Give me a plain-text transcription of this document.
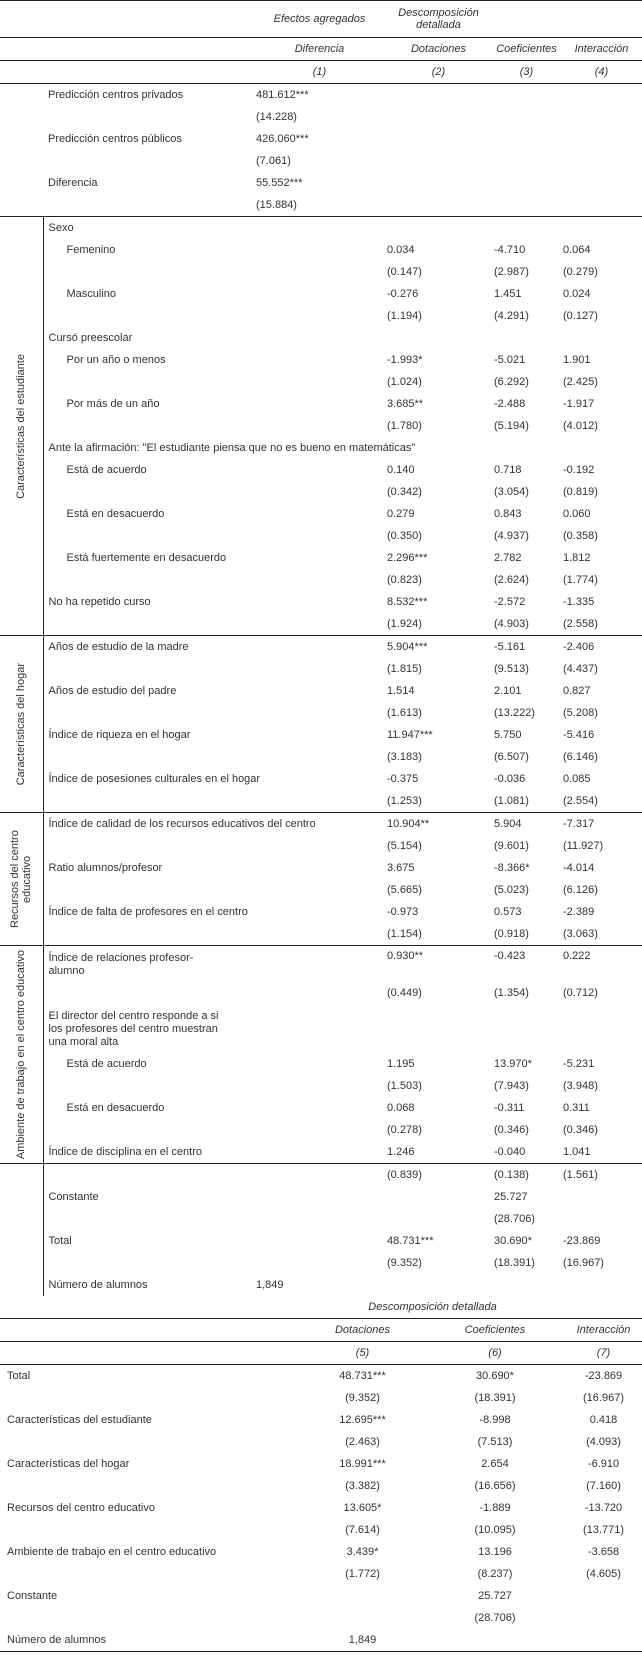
		Efectos agregados	Descomposición detallada		
		Diferencia	Dotaciones	Coeficientes	Interacción
		(1)	(2)	(3)	(4)
	Predicción centros privados	481.612***			
		(14.228)			
	Predicción centros públicos	426.060***			
		(7.061)			
	Diferencia	55.552***			
		(15.884)			

Características del estudiante	Sexo				
	Femenino		0.034	-4.710	0.064
			(0.147)	(2.987)	(0.279)
	Masculino		-0.276	1.451	0.024
			(1.194)	(4.291)	(0.127)
	Cursó preescolar				
	Por un año o menos		-1.993*	-5.021	1.901
			(1.024)	(6.292)	(2.425)
	Por más de un año		3.685**	-2.488	-1.917
			(1.780)	(5.194)	(4.012)
	Ante la afirmación: "El estudiante piensa que no es bueno en matemáticas"				
	Está de acuerdo		0.140	0.718	-0.192
			(0.342)	(3.054)	(0.819)
	Está en desacuerdo		0.279	0.843	0.060
			(0.350)	(4.937)	(0.358)
	Está fuertemente en desacuerdo		2.296***	2.782	1.812
			(0.823)	(2.624)	(1.774)
	No ha repetido curso		8.532***	-2.572	-1.335
			(1.924)	(4.903)	(2.558)

Características del hogar	Años de estudio de la madre		5.904***	-5.161	-2.406
			(1.815)	(9.513)	(4.437)
	Años de estudio del padre		1.514	2.101	0.827
			(1.613)	(13.222)	(5.208)
	Índice de riqueza en el hogar		11.947***	5.750	-5.416
			(3.183)	(6.507)	(6.146)
	Índice de posesiones culturales en el hogar		-0.375	-0.036	0.085
			(1.253)	(1.081)	(2.554)

Recursos del centro educativo	Índice de calidad de los recursos educativos del centro		10.904**	5.904	-7.317
			(5.154)	(9.601)	(11.927)
	Ratio alumnos/profesor		3.675	-8.366*	-4.014
			(5.665)	(5.023)	(6.126)
	Índice de falta de profesores en el centro		-0.973	0.573	-2.389
			(1.154)	(0.918)	(3.063)

Ambiente de trabajo en el centro educativo	Índice de relaciones profesor-alumno		0.930**	-0.423	0.222
			(0.449)	(1.354)	(0.712)

	El director del centro responde a si los profesores del centro muestran una moral alta				

	Está de acuerdo		1.195	13.970*	-5.231
			(1.503)	(7.943)	(3.948)
	Está en desacuerdo		0.068	-0.311	0.311
			(0.278)	(0.346)	(0.346)
	Índice de disciplina en el centro		1.246	-0.040	1.041
			(0.839)	(0.138)	(1.561)
	Constante			25.727	
				(28.706)	
	Total		48.731***	30.690*	-23.869
			(9.352)	(18.391)	(16.967)
	Número de alumnos	1,849			
	Descomposición detallada		
	Dotaciones	Coeficientes	Interacción
	(5)	(6)	(7)
Total	48.731***	30.690*	-23.869
	(9.352)	(18.391)	(16.967)
Características del estudiante	12.695***	-8.998	0.418
	(2.463)	(7.513)	(4.093)
Características del hogar	18.991***	2.654	-6.910
	(3.382)	(16.656)	(7.160)
Recursos del centro educativo	13.605*	-1.889	-13.720
	(7.614)	(10.095)	(13.771)
Ambiente de trabajo en el centro educativo	3.439*	13.196	-3.658
	(1.772)	(8.237)	(4.605)
Constante		25.727	
		(28.706)	
Número de alumnos	1,849		
